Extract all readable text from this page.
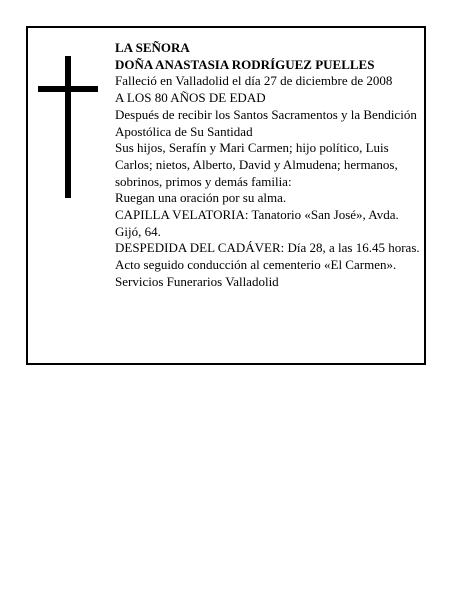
LA SEÑORA

DOÑA ANASTASIA RODRÍGUEZ PUELLES

Falleció en Valladolid el día 27 de diciembre de 2008

A LOS 80 AÑOS DE EDAD

Después de recibir los Santos Sacramentos y la Bendición Apostólica de Su Santidad

Sus hijos, Serafín y Mari Carmen; hijo político, Luis Carlos; nietos, Alberto, David y Almudena; hermanos, sobrinos, primos y demás familia:

Ruegan una oración por su alma.

CAPILLA VELATORIA: Tanatorio «San José», Avda. Gijó, 64.

DESPEDIDA DEL CADÁVER: Día 28, a las 16.45 horas. Acto seguido conducción al cementerio «El Carmen».

Servicios Funerarios Valladolid
